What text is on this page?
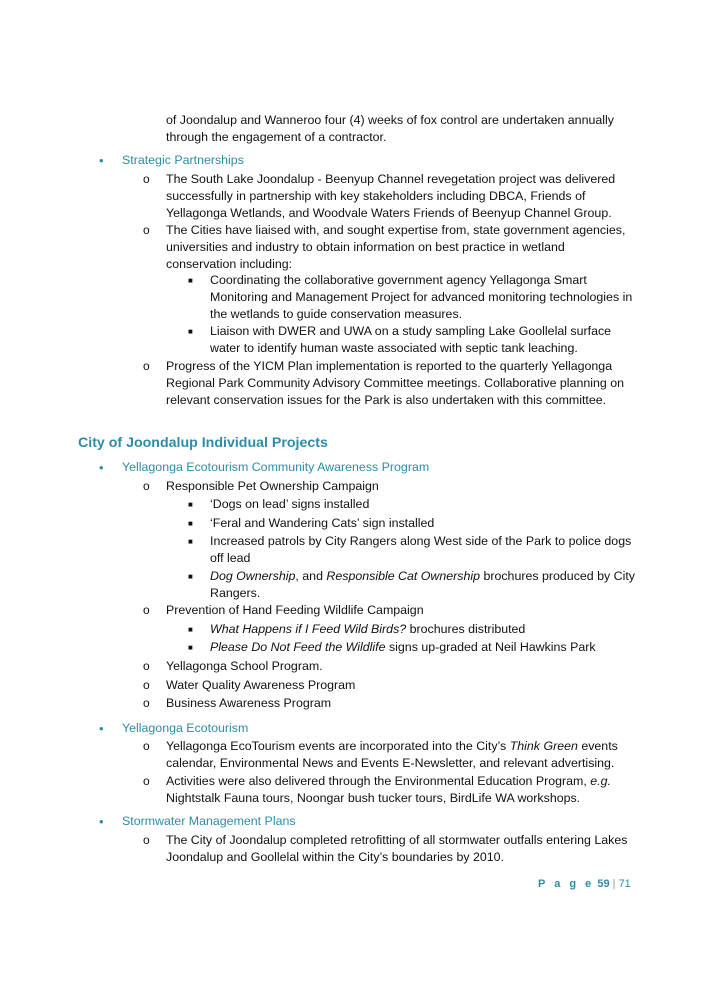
of Joondalup and Wanneroo four (4) weeks of fox control are undertaken annually through the engagement of a contractor.
• Strategic Partnerships
o The South Lake Joondalup - Beenyup Channel revegetation project was delivered successfully in partnership with key stakeholders including DBCA, Friends of Yellagonga Wetlands, and Woodvale Waters Friends of Beenyup Channel Group.
o The Cities have liaised with, and sought expertise from, state government agencies, universities and industry to obtain information on best practice in wetland conservation including:
■ Coordinating the collaborative government agency Yellagonga Smart Monitoring and Management Project for advanced monitoring technologies in the wetlands to guide conservation measures.
■ Liaison with DWER and UWA on a study sampling Lake Goollelal surface water to identify human waste associated with septic tank leaching.
o Progress of the YICM Plan implementation is reported to the quarterly Yellagonga Regional Park Community Advisory Committee meetings. Collaborative planning on relevant conservation issues for the Park is also undertaken with this committee.
City of Joondalup Individual Projects
• Yellagonga Ecotourism Community Awareness Program
o Responsible Pet Ownership Campaign
■ ‘Dogs on lead’ signs installed
■ ‘Feral and Wandering Cats’ sign installed
■ Increased patrols by City Rangers along West side of the Park to police dogs off lead
■ Dog Ownership, and Responsible Cat Ownership brochures produced by City Rangers.
o Prevention of Hand Feeding Wildlife Campaign
■ What Happens if I Feed Wild Birds? brochures distributed
■ Please Do Not Feed the Wildlife signs up-graded at Neil Hawkins Park
o Yellagonga School Program.
o Water Quality Awareness Program
o Business Awareness Program
• Yellagonga Ecotourism
o Yellagonga EcoTourism events are incorporated into the City’s Think Green events calendar, Environmental News and Events E-Newsletter, and relevant advertising.
o Activities were also delivered through the Environmental Education Program, e.g. Nightstalk Fauna tours, Noongar bush tucker tours, BirdLife WA workshops.
• Stormwater Management Plans
o The City of Joondalup completed retrofitting of all stormwater outfalls entering Lakes Joondalup and Goollelal within the City’s boundaries by 2010.
P a g e 59 | 71
